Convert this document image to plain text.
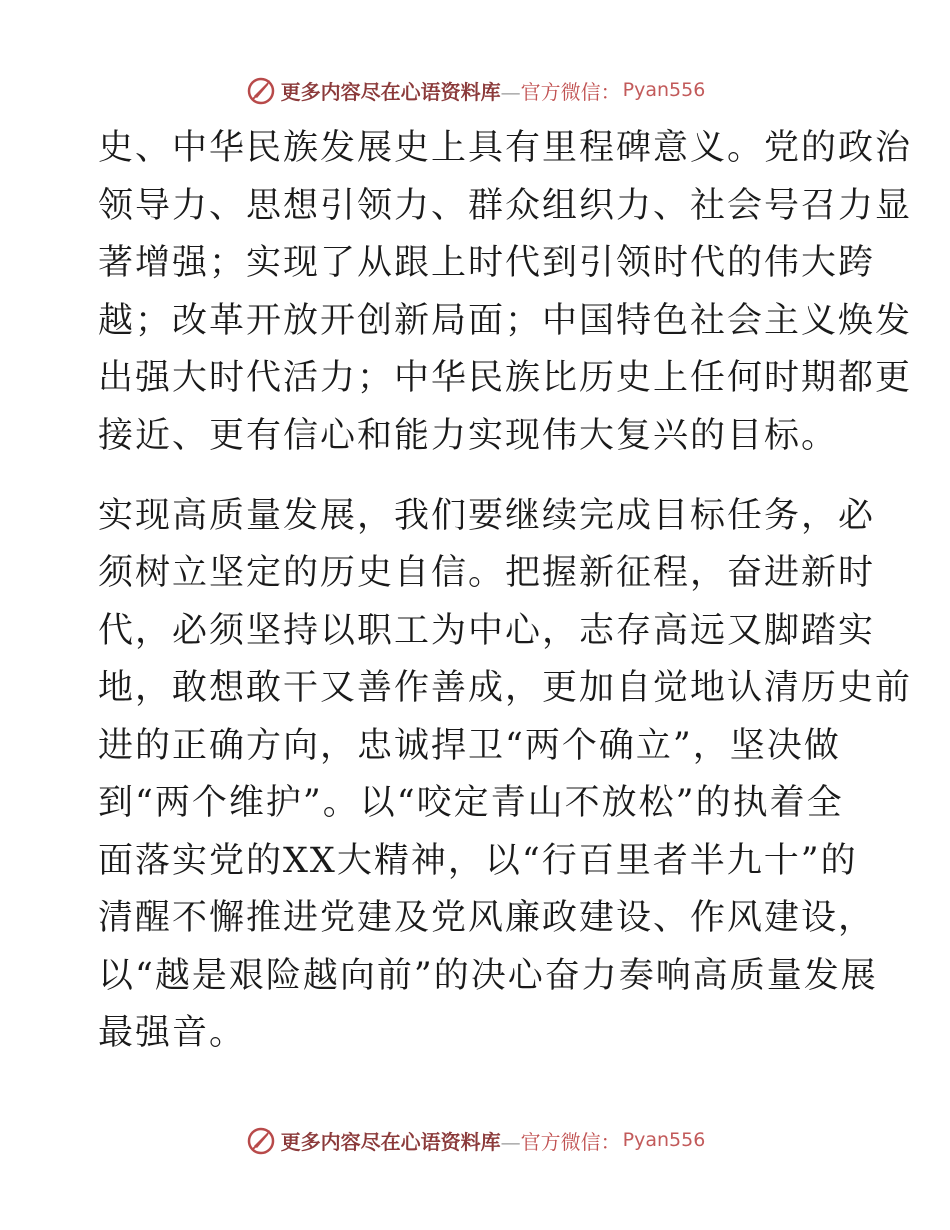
更多内容尽在心语资料库—官方微信： Pyan556
史、中华民族发展史上具有里程碑意义。党的政治
领导力、思想引领力、群众组织力、社会号召力显
著增强；实现了从跟上时代到引领时代的伟大跨
越；改革开放开创新局面；中国特色社会主义焕发
出强大时代活力；中华民族比历史上任何时期都更
接近、更有信心和能力实现伟大复兴的目标。
实现高质量发展，我们要继续完成目标任务，必
须树立坚定的历史自信。把握新征程，奋进新时
代，必须坚持以职工为中心，志存高远又脚踏实
地，敢想敢干又善作善成，更加自觉地认清历史前
进的正确方向，忠诚捍卫“两个确立”，坚决做
到“两个维护”。以“咬定青山不放松”的执着全
面落实党的XX大精神，以“行百里者半九十”的
清醒不懈推进党建及党风廉政建设、作风建设，
以“越是艰险越向前”的决心奋力奏响高质量发展
最强音。
更多内容尽在心语资料库—官方微信： Pyan556
